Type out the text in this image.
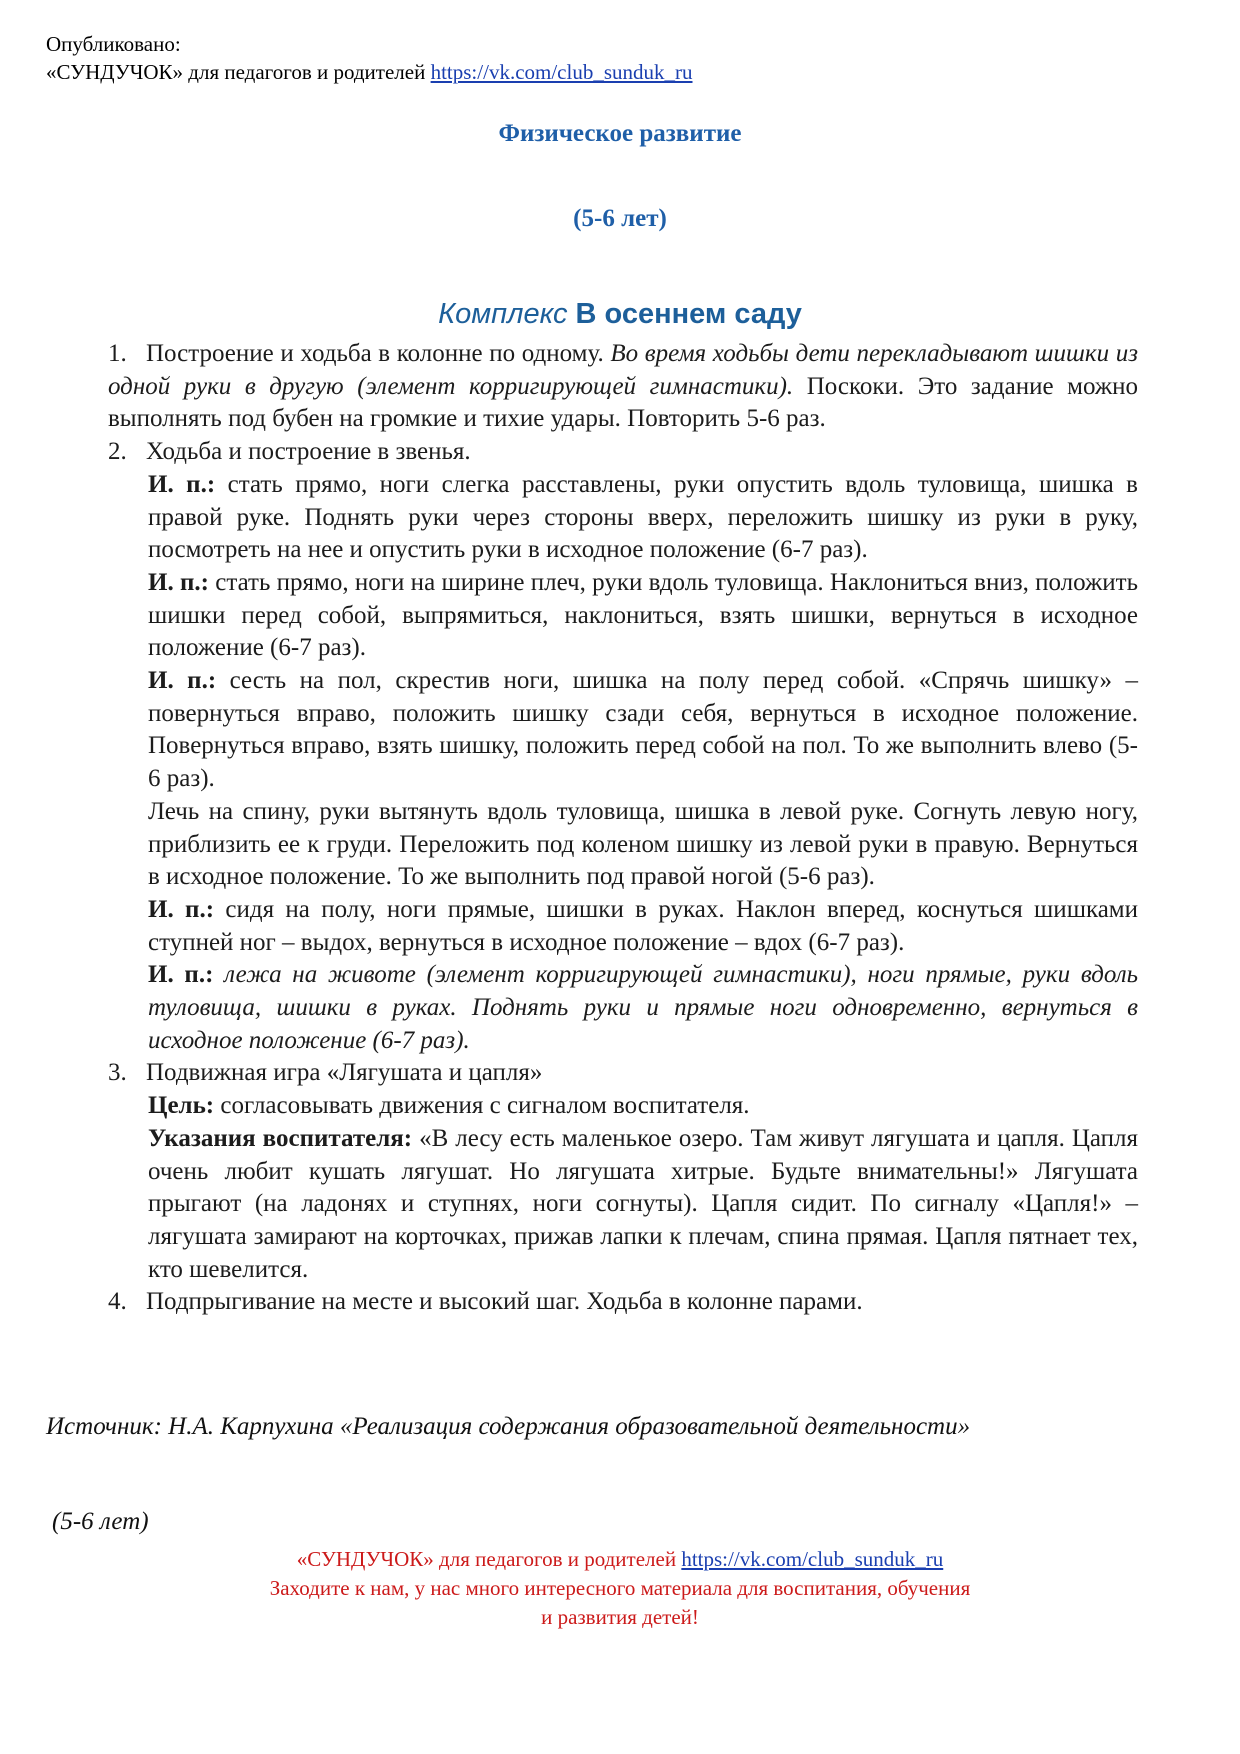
Опубликовано:
«СУНДУЧОК» для педагогов и родителей https://vk.com/club_sunduk_ru
Физическое развитие
(5-6 лет)
Комплекс В осеннем саду

1. Построение и ходьба в колонне по одному. Во время ходьбы дети перекладывают шишки из одной руки в другую (элемент корригирующей гимнастики). Поскоки. Это задание можно выполнять под бубен на громкие и тихие удары. Повторить 5-6 раз.

2. Ходьба и построение в звенья.

И. п.: стать прямо, ноги слегка расставлены, руки опустить вдоль туловища, шишка в правой руке. Поднять руки через стороны вверх, переложить шишку из руки в руку, посмотреть на нее и опустить руки в исходное положение (6-7 раз).

И. п.: стать прямо, ноги на ширине плеч, руки вдоль туловища. Наклониться вниз, положить шишки перед собой, выпрямиться, наклониться, взять шишки, вернуться в исходное положение (6-7 раз).

И. п.: сесть на пол, скрестив ноги, шишка на полу перед собой. «Спрячь шишку» – повернуться вправо, положить шишку сзади себя, вернуться в исходное положение. Повернуться вправо, взять шишку, положить перед собой на пол. То же выполнить влево (5-6 раз).

Лечь на спину, руки вытянуть вдоль туловища, шишка в левой руке. Согнуть левую ногу, приблизить ее к груди. Переложить под коленом шишку из левой руки в правую. Вернуться в исходное положение. То же выполнить под правой ногой (5-6 раз).

И. п.: сидя на полу, ноги прямые, шишки в руках. Наклон вперед, коснуться шишками ступней ног – выдох, вернуться в исходное положение – вдох (6-7 раз).

И. п.: лежа на животе (элемент корригирующей гимнастики), ноги прямые, руки вдоль туловища, шишки в руках. Поднять руки и прямые ноги одновременно, вернуться в исходное положение (6-7 раз).

3. Подвижная игра «Лягушата и цапля»

Цель: согласовывать движения с сигналом воспитателя.

Указания воспитателя: «В лесу есть маленькое озеро. Там живут лягушата и цапля. Цапля очень любит кушать лягушат. Но лягушата хитрые. Будьте внимательны!» Лягушата прыгают (на ладонях и ступнях, ноги согнуты). Цапля сидит. По сигналу «Цапля!» – лягушата замирают на корточках, прижав лапки к плечам, спина прямая. Цапля пятнает тех, кто шевелится.

4. Подпрыгивание на месте и высокий шаг. Ходьба в колонне парами.

Источник: Н.А. Карпухина «Реализация содержания образовательной деятельности»
(5-6 лет)
«СУНДУЧОК» для педагогов и родителей https://vk.com/club_sunduk_ru
Заходите к нам, у нас много интересного материала для воспитания, обучения
и развития детей!
